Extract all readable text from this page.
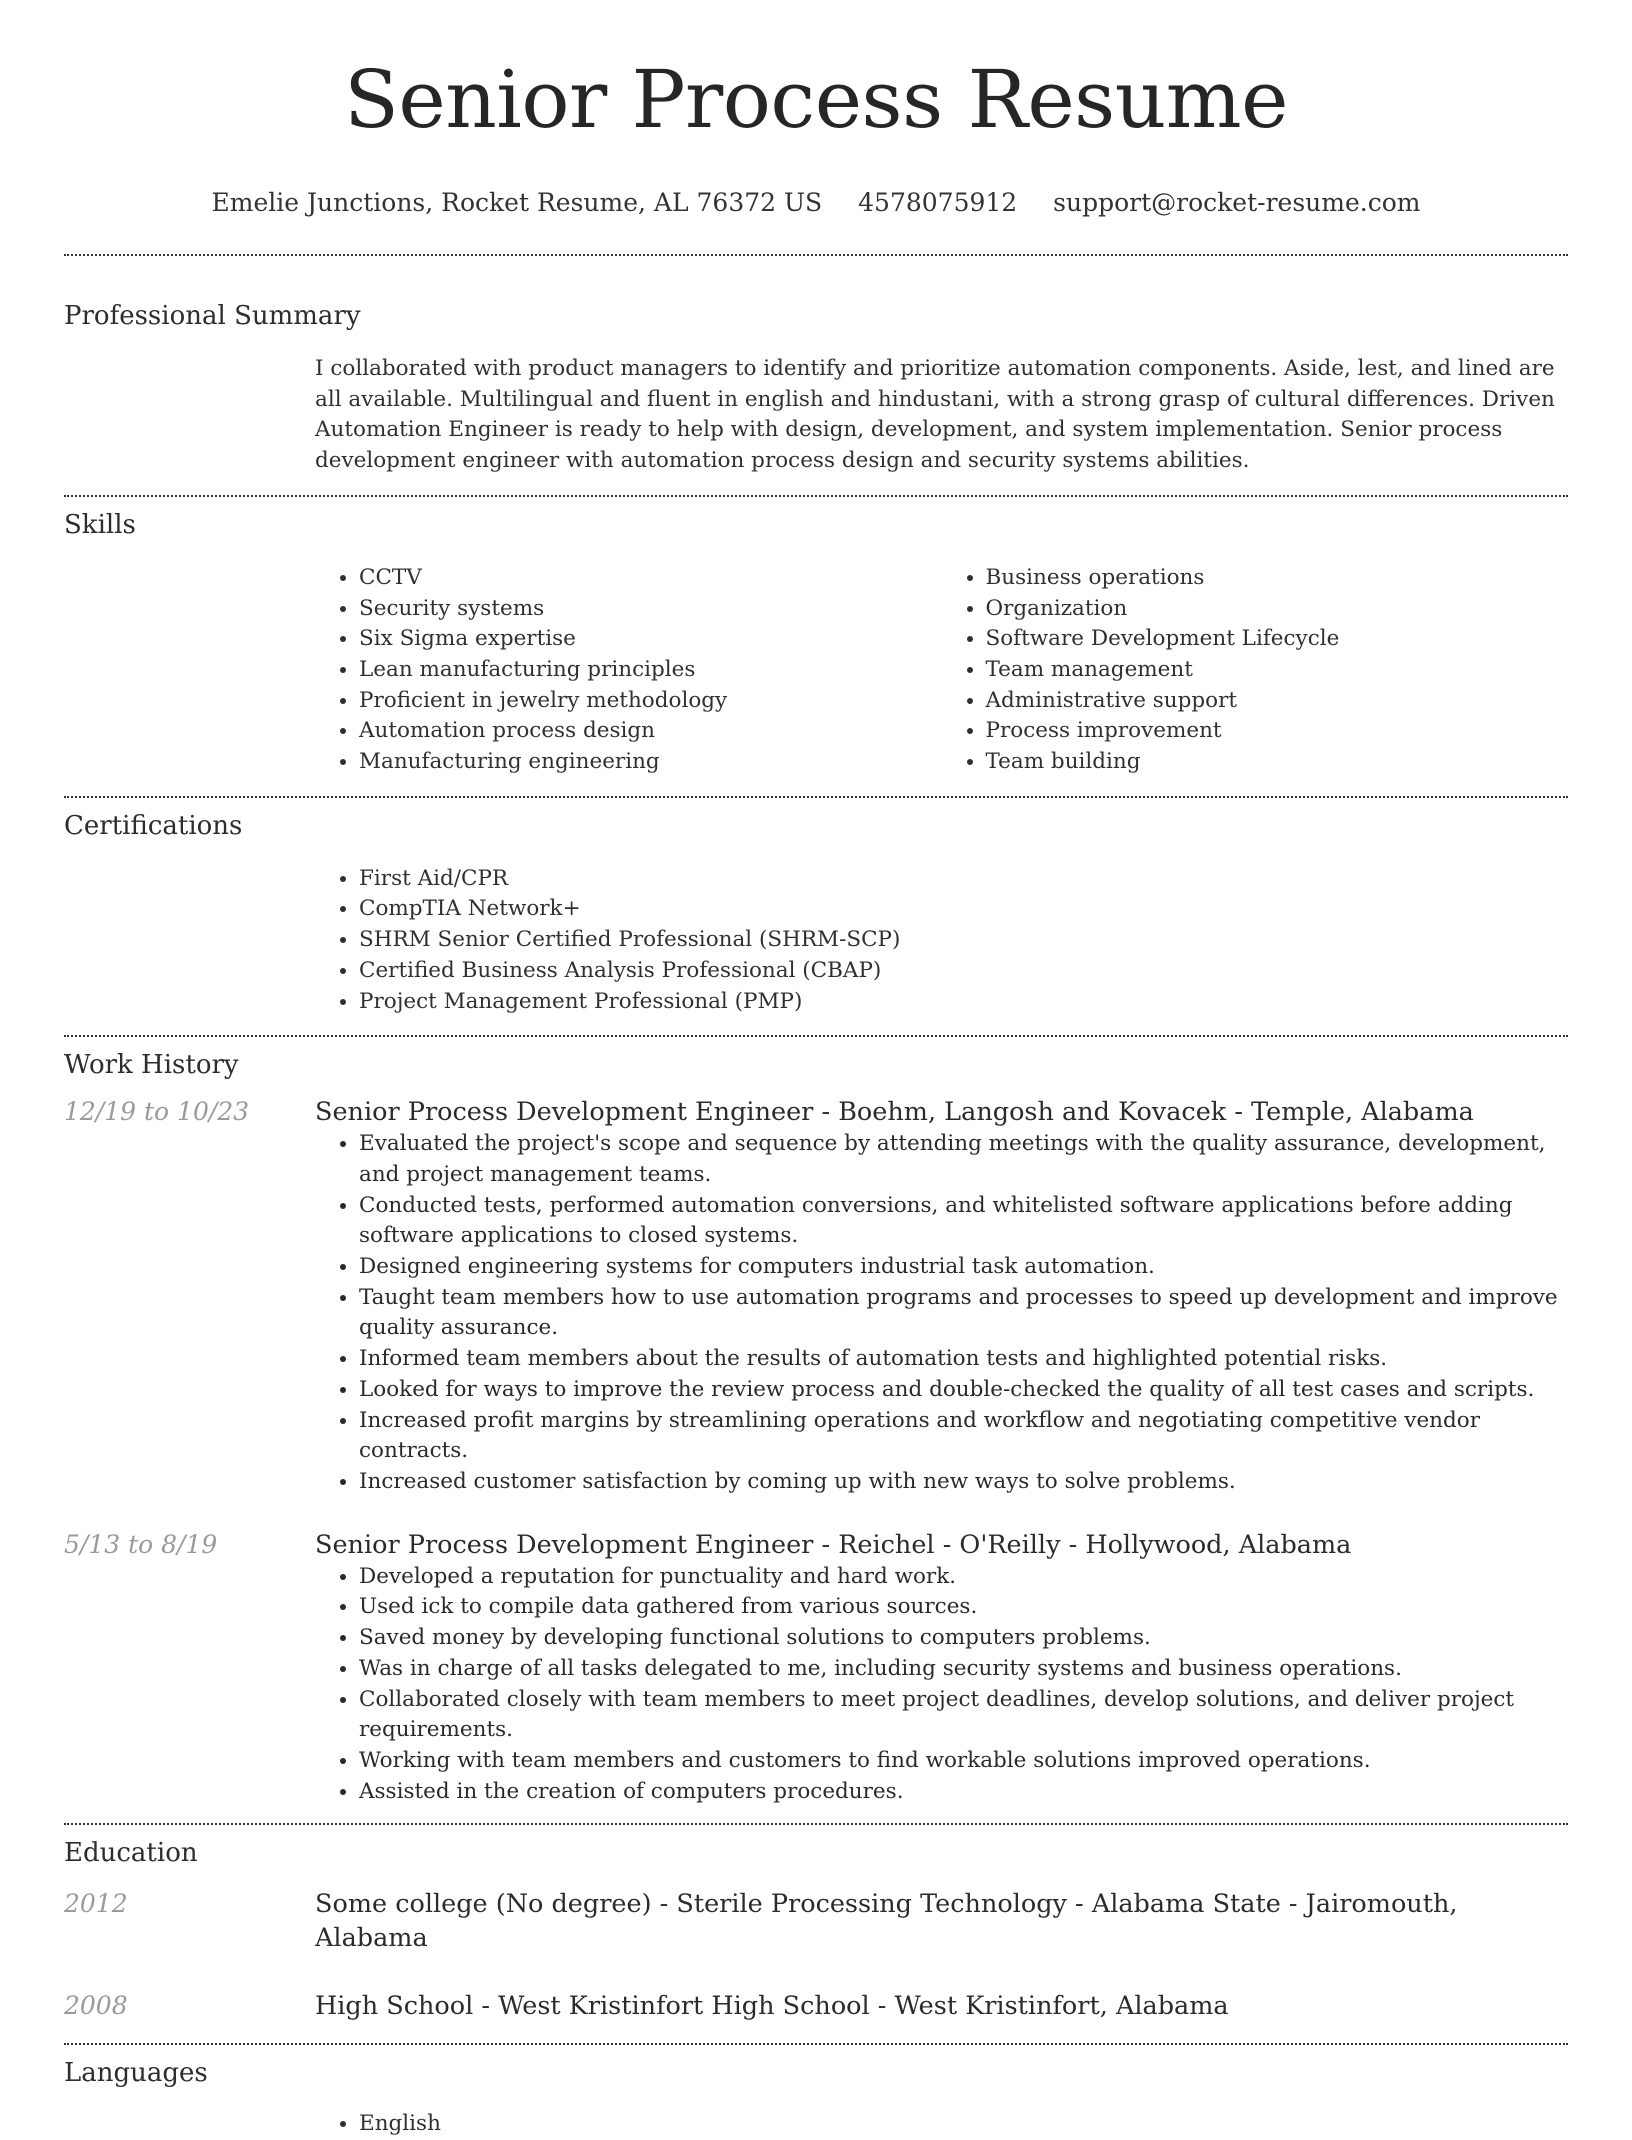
Senior Process Resume
Emelie Junctions, Rocket Resume, AL 76372 US 4578075912 support@rocket-resume.com
Professional Summary
I collaborated with product managers to identify and prioritize automation components. Aside, lest, and lined are all available. Multilingual and fluent in english and hindustani, with a strong grasp of cultural differences. Driven Automation Engineer is ready to help with design, development, and system implementation. Senior process development engineer with automation process design and security systems abilities.
Skills
• CCTV
• Security systems
• Six Sigma expertise
• Lean manufacturing principles
• Proficient in jewelry methodology
• Automation process design
• Manufacturing engineering
• Business operations
• Organization
• Software Development Lifecycle
• Team management
• Administrative support
• Process improvement
• Team building
Certifications
• First Aid/CPR
• CompTIA Network+
• SHRM Senior Certified Professional (SHRM-SCP)
• Certified Business Analysis Professional (CBAP)
• Project Management Professional (PMP)
Work History
12/19 to 10/23	Senior Process Development Engineer - Boehm, Langosh and Kovacek - Temple, Alabama
• Evaluated the project's scope and sequence by attending meetings with the quality assurance, development, and project management teams.
• Conducted tests, performed automation conversions, and whitelisted software applications before adding software applications to closed systems.
• Designed engineering systems for computers industrial task automation.
• Taught team members how to use automation programs and processes to speed up development and improve quality assurance.
• Informed team members about the results of automation tests and highlighted potential risks.
• Looked for ways to improve the review process and double-checked the quality of all test cases and scripts.
• Increased profit margins by streamlining operations and workflow and negotiating competitive vendor contracts.
• Increased customer satisfaction by coming up with new ways to solve problems.
5/13 to 8/19	Senior Process Development Engineer - Reichel - O'Reilly - Hollywood, Alabama
• Developed a reputation for punctuality and hard work.
• Used ick to compile data gathered from various sources.
• Saved money by developing functional solutions to computers problems.
• Was in charge of all tasks delegated to me, including security systems and business operations.
• Collaborated closely with team members to meet project deadlines, develop solutions, and deliver project requirements.
• Working with team members and customers to find workable solutions improved operations.
• Assisted in the creation of computers procedures.
Education
2012	Some college (No degree) - Sterile Processing Technology - Alabama State - Jairomouth, Alabama
2008	High School - West Kristinfort High School - West Kristinfort, Alabama
Languages
• English
